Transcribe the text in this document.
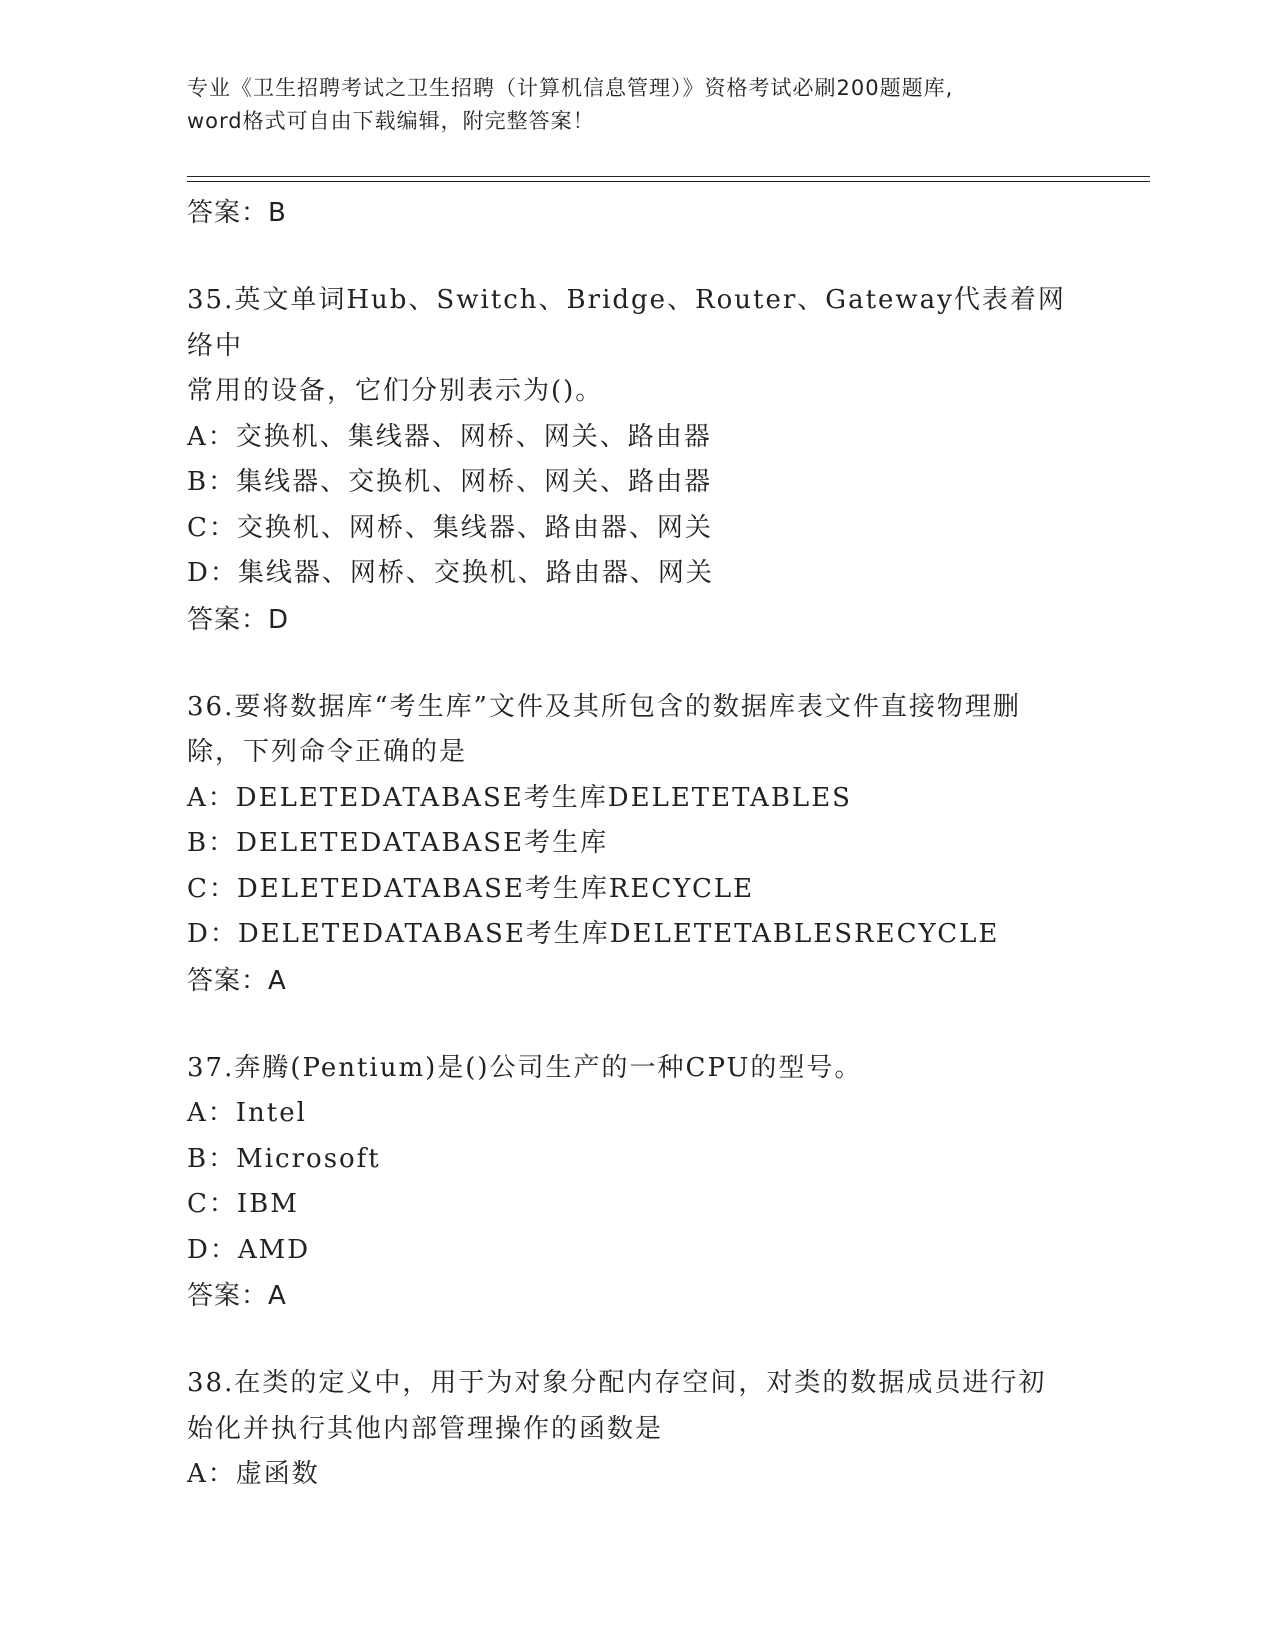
专业《卫生招聘考试之卫生招聘（计算机信息管理）》资格考试必刷200题题库,
word格式可自由下载编辑，附完整答案！
答案：B

35.英文单词Hub、Switch、Bridge、Router、Gateway代表着网络中

常用的设备，它们分别表示为()。

A：交换机、集线器、网桥、网关、路由器

B：集线器、交换机、网桥、网关、路由器

C：交换机、网桥、集线器、路由器、网关

D：集线器、网桥、交换机、路由器、网关

答案：D

36.要将数据库“考生库”文件及其所包含的数据库表文件直接物理删

除，下列命令正确的是

A：DELETEDATABASE考生库DELETETABLES

B：DELETEDATABASE考生库

C：DELETEDATABASE考生库RECYCLE

D：DELETEDATABASE考生库DELETETABLESRECYCLE

答案：A

37.奔腾(Pentium)是()公司生产的一种CPU的型号。

A：Intel

B：Microsoft

C：IBM

D：AMD

答案：A

38.在类的定义中，用于为对象分配内存空间，对类的数据成员进行初

始化并执行其他内部管理操作的函数是

A：虚函数
